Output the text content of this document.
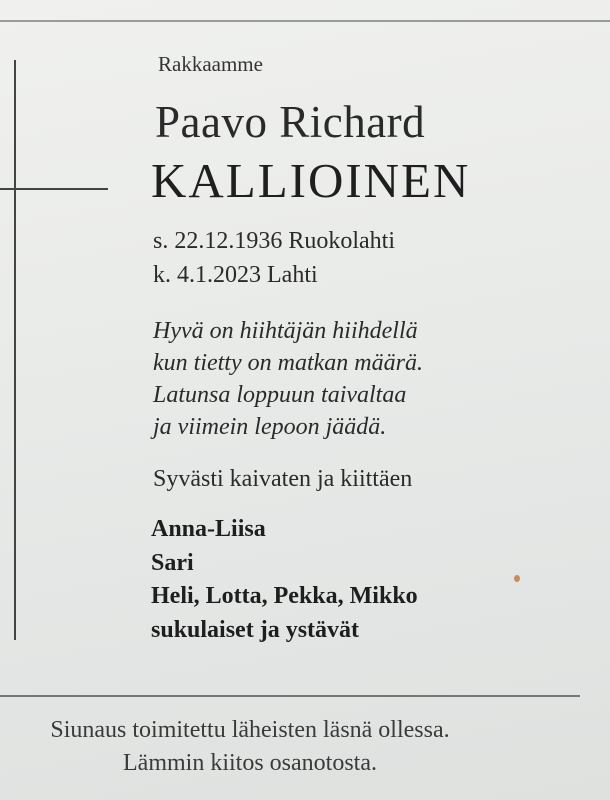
Rakkaamme
Paavo Richard
KALLIOINEN
s. 22.12.1936 Ruokolahti
k. 4.1.2023 Lahti
Hyvä on hiihtäjän hiihdellä
kun tietty on matkan määrä.
Latunsa loppuun taivaltaa
ja viimein lepoon jäädä.
Syvästi kaivaten ja kiittäen
Anna-Liisa
Sari
Heli, Lotta, Pekka, Mikko
sukulaiset ja ystävät
Siunaus toimitettu läheisten läsnä ollessa.
Lämmin kiitos osanotosta.
